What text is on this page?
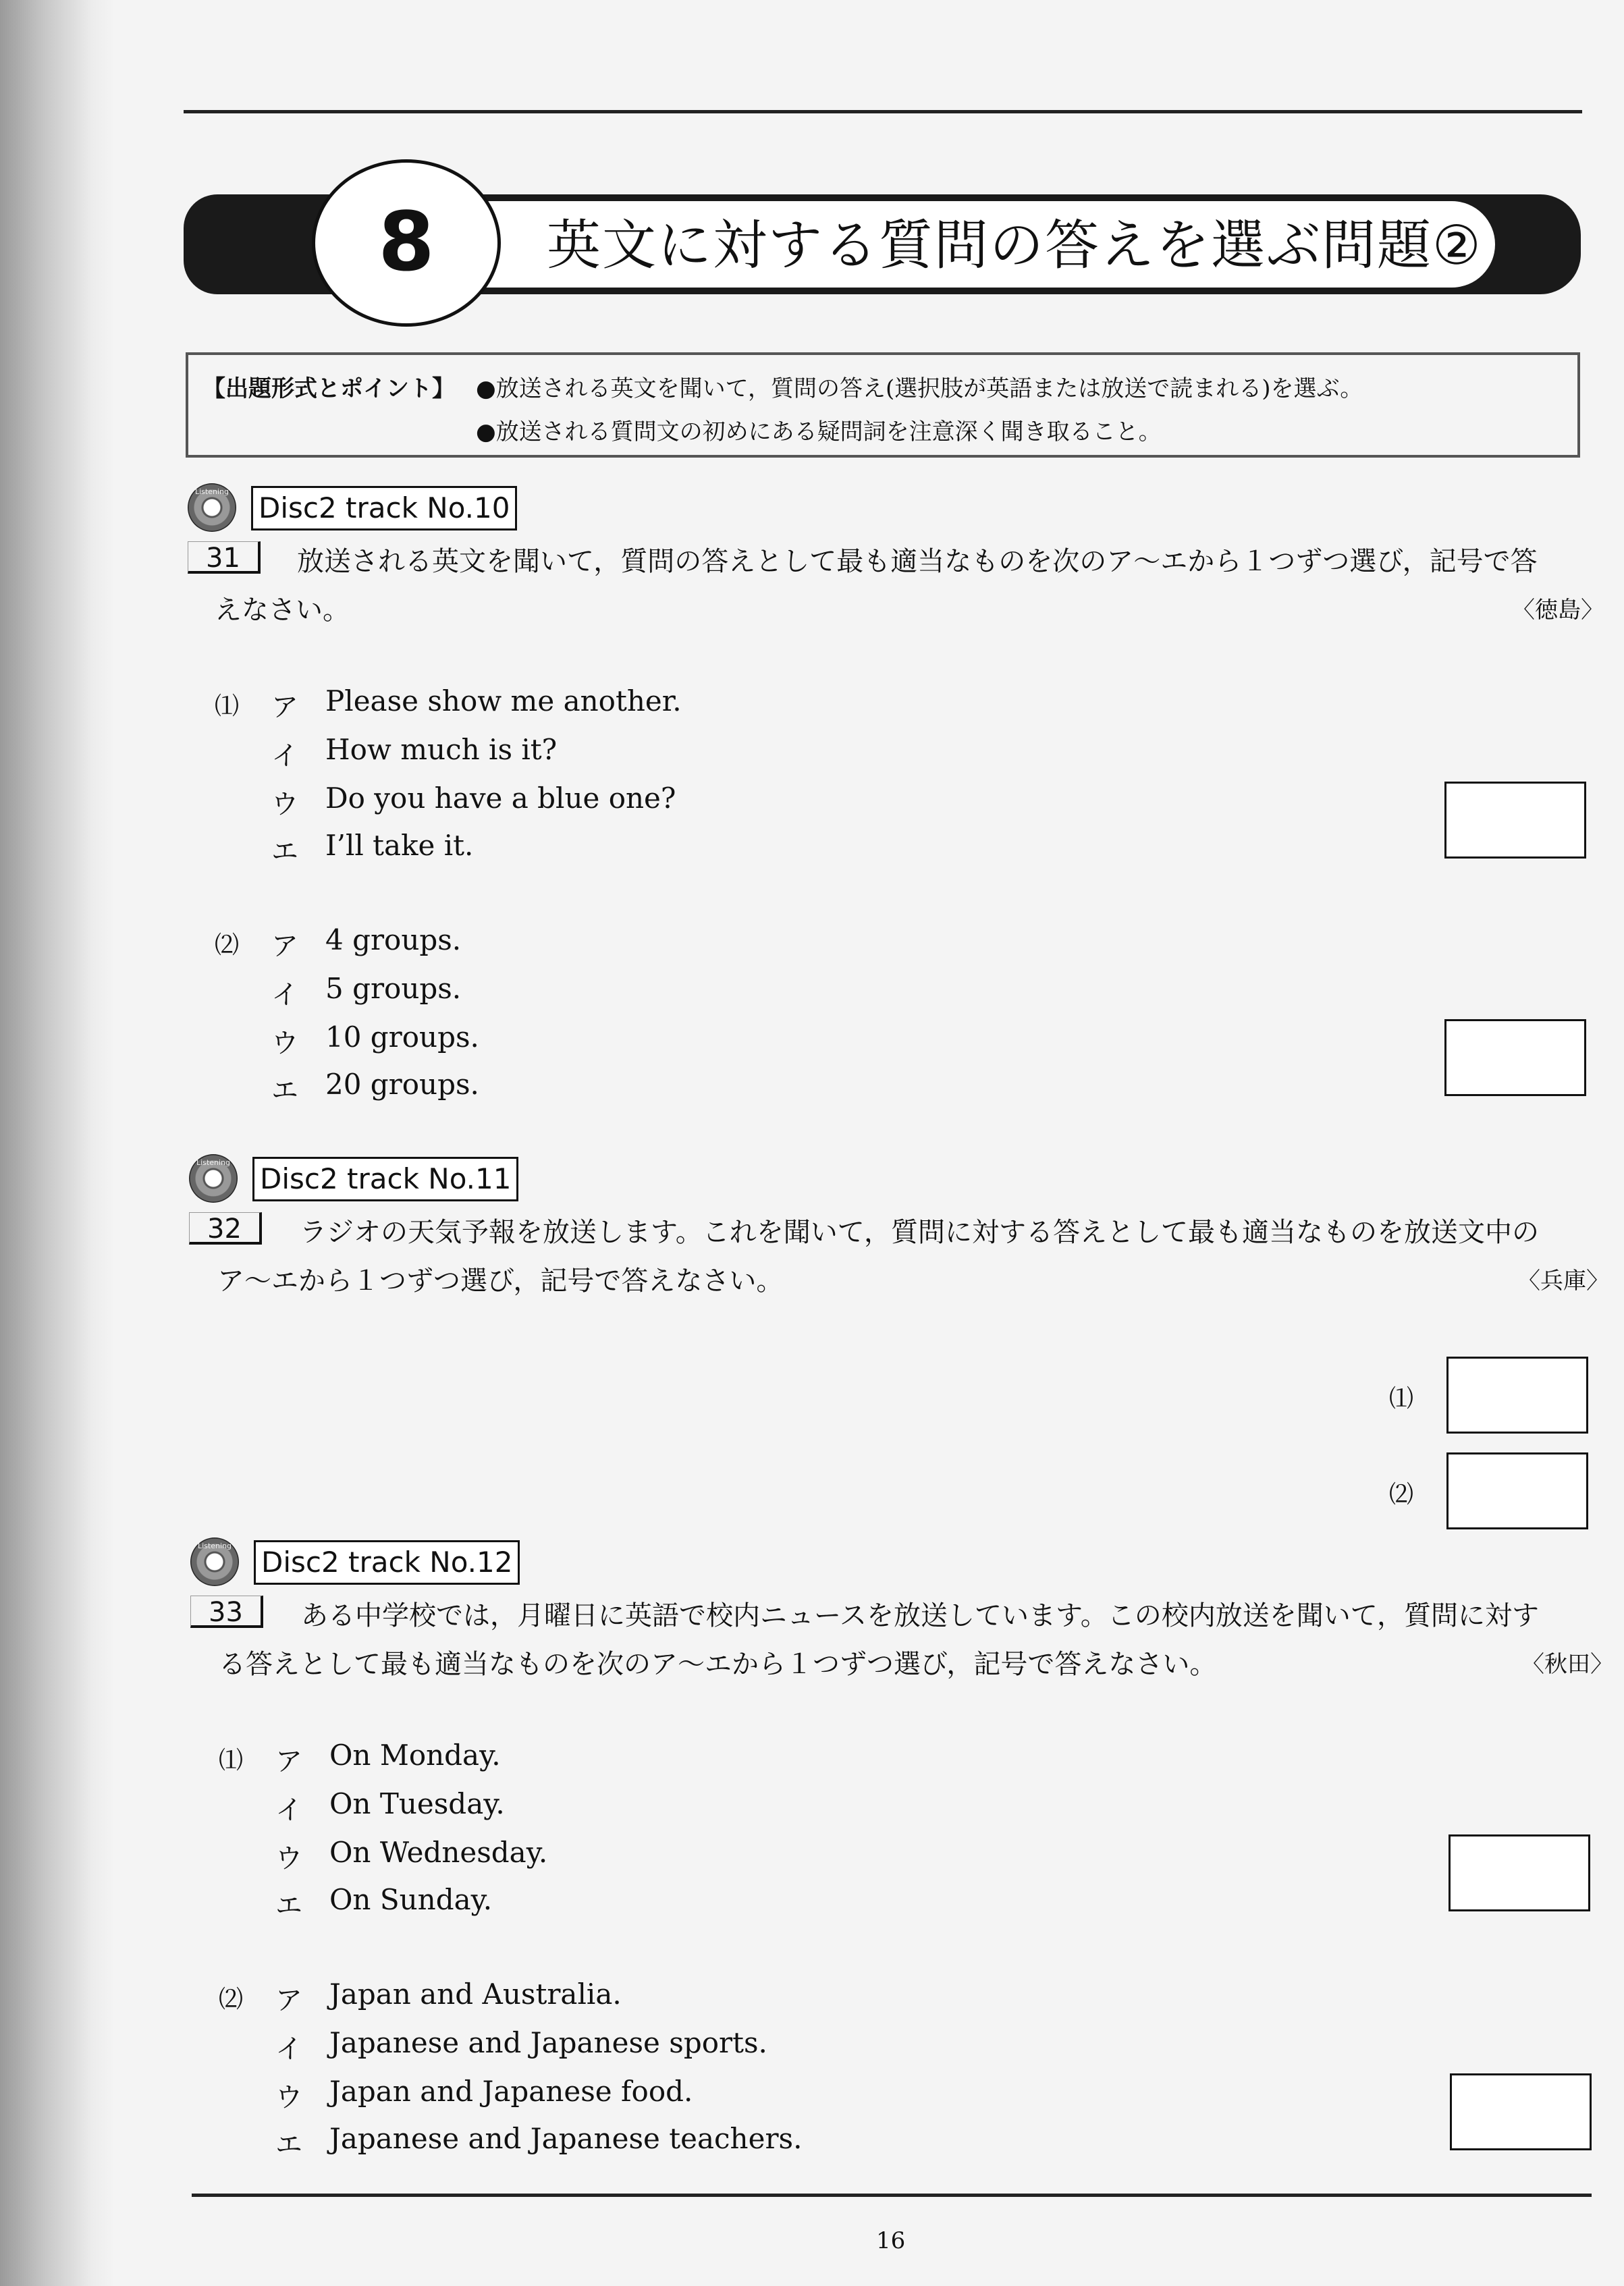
英文に対する質問の答えを選ぶ問題②
8
【出題形式とポイント】 ●放送される英文を聞いて，質問の答え(選択肢が英語または放送で読まれる)を選ぶ。
●放送される質問文の初めにある疑問詞を注意深く聞き取ること。
Listening Disc2 track No.10
31	放送される英文を聞いて，質問の答えとして最も適当なものを次のア～エから１つずつ選び，記号で答
えなさい。	〈徳島〉
⑴ ア Please show me another.
イ How much is it?
ウ Do you have a blue one?
エ I’ll take it.
⑵ ア 4 groups.
イ 5 groups.
ウ 10 groups.
エ 20 groups.
Listening Disc2 track No.11
32	ラジオの天気予報を放送します。これを聞いて，質問に対する答えとして最も適当なものを放送文中の
ア～エから１つずつ選び，記号で答えなさい。	〈兵庫〉
⑴
⑵
Listening Disc2 track No.12
33	ある中学校では，月曜日に英語で校内ニュースを放送しています。この校内放送を聞いて，質問に対す
る答えとして最も適当なものを次のア～エから１つずつ選び，記号で答えなさい。	〈秋田〉
⑴ ア On Monday.
イ On Tuesday.
ウ On Wednesday.
エ On Sunday.
⑵ ア Japan and Australia.
イ Japanese and Japanese sports.
ウ Japan and Japanese food.
エ Japanese and Japanese teachers.
16
